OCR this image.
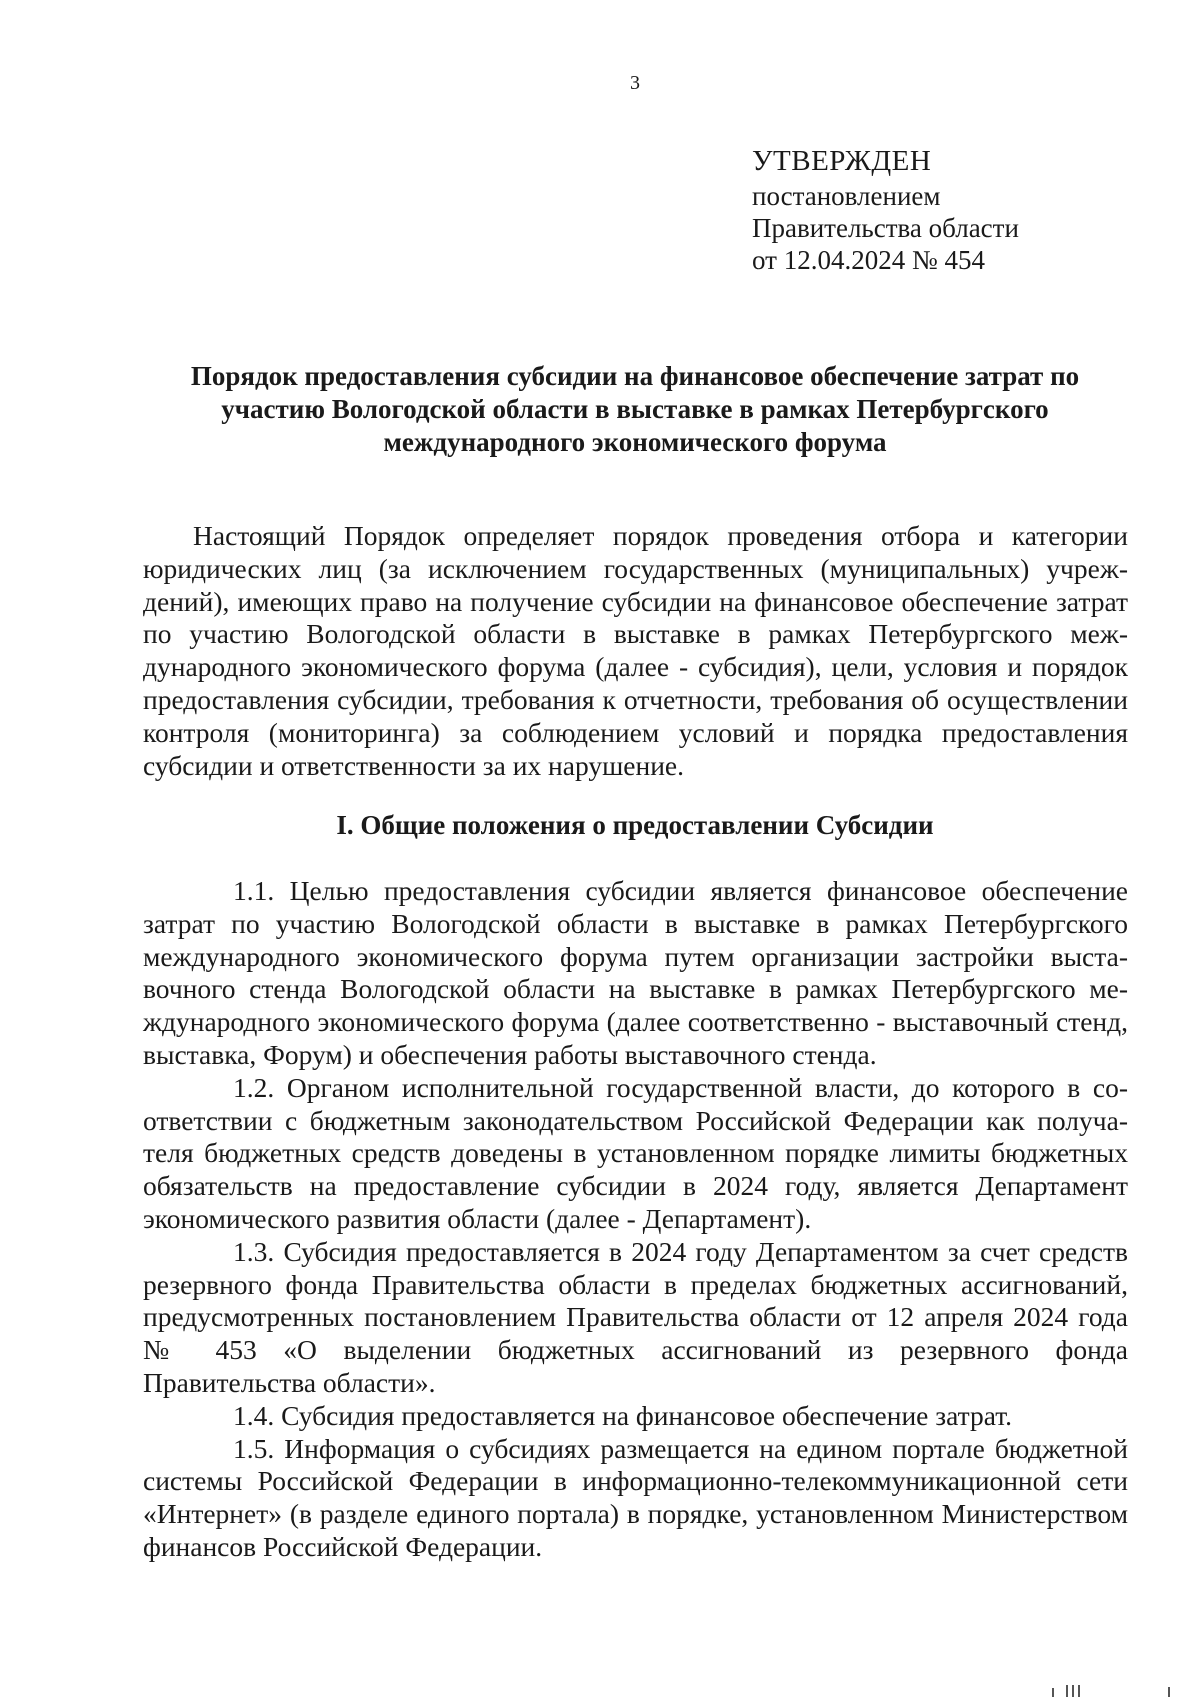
3
УТВЕРЖДЕН
постановлением
Правительства области
от 12.04.2024 № 454
Порядок предоставления субсидии на финансовое обеспечение затрат по участию Вологодской области в выставке в рамках Петербургского международного экономического форума

Настоящий Порядок определяет порядок проведения отбора и категории юридических лиц (за исключением государственных (муниципальных) учреждений), имеющих право на получение субсидии на финансовое обеспечение затрат по участию Вологодской области в выставке в рамках Петербургского международного экономического форума (далее - субсидия), цели, условия и порядок предоставления субсидии, требования к отчетности, требования об осуществлении контроля (мониторинга) за соблюдением условий и порядка предоставления субсидии и ответственности за их нарушение.

I. Общие положения о предоставлении Субсидии

1.1. Целью предоставления субсидии является финансовое обеспечение затрат по участию Вологодской области в выставке в рамках Петербургского международного экономического форума путем организации застройки выставочного стенда Вологодской области на выставке в рамках Петербургского международного экономического форума (далее соответственно - выставочный стенд, выставка, Форум) и обеспечения работы выставочного стенда.

1.2. Органом исполнительной государственной власти, до которого в соответствии с бюджетным законодательством Российской Федерации как получателя бюджетных средств доведены в установленном порядке лимиты бюджетных обязательств на предоставление субсидии в 2024 году, является Департамент экономического развития области (далее - Департамент).

1.3. Субсидия предоставляется в 2024 году Департаментом за счет средств резервного фонда Правительства области в пределах бюджетных ассигнований, предусмотренных постановлением Правительства области от 12 апреля 2024 года № 453 «О выделении бюджетных ассигнований из резервного фонда Правительства области».

1.4. Субсидия предоставляется на финансовое обеспечение затрат.

1.5. Информация о субсидиях размещается на едином портале бюджетной системы Российской Федерации в информационно-телекоммуникационной сети «Интернет» (в разделе единого портала) в порядке, установленном Министерством финансов Российской Федерации.
